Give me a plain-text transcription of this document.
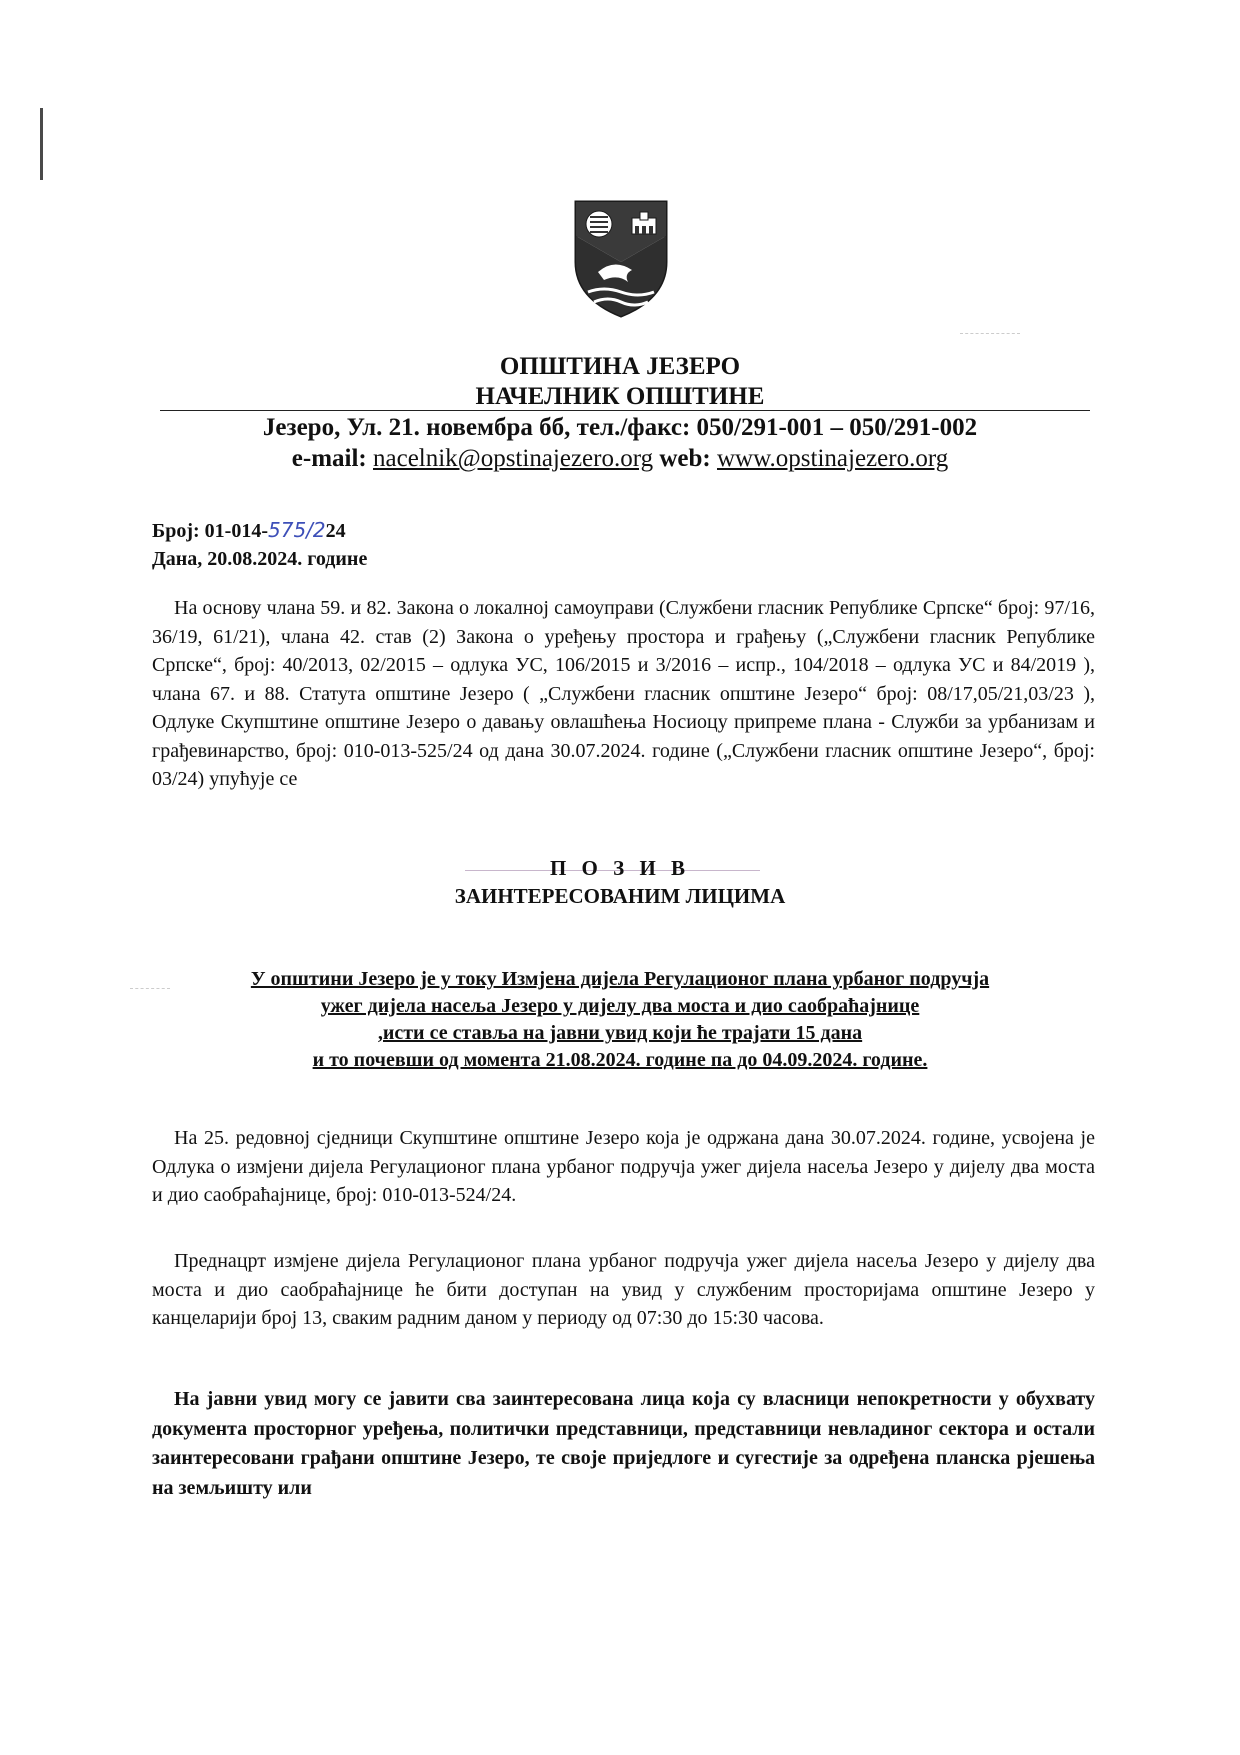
ОПШТИНА ЈЕЗЕРО
НАЧЕЛНИК ОПШТИНЕ
Језеро, Ул. 21. новембра бб, тел./факс: 050/291-001 – 050/291-002
e-mail: nacelnik@opstinajezero.org web: www.opstinajezero.org
Број: 01-014-575/224
Дана, 20.08.2024. године
На основу члана 59. и 82. Закона о локалној самоуправи (Службени гласник Републике Српске“ број: 97/16, 36/19, 61/21), члана 42. став (2) Закона о уређењу простора и грађењу („Службени гласник Републике Српске“, број: 40/2013, 02/2015 – одлука УС, 106/2015 и 3/2016 – испр., 104/2018 – одлука УС и 84/2019 ), члана 67. и 88. Статута општине Језеро ( „Службени гласник општине Језеро“ број: 08/17,05/21,03/23 ), Одлуке Скупштине општине Језеро о давању овлашћења Носиоцу припреме плана - Служби за урбанизам и грађевинарство, број: 010-013-525/24 од дана 30.07.2024. године („Службени гласник општине Језеро“, број: 03/24) упућује се
П О З И В
ЗАИНТЕРЕСОВАНИМ ЛИЦИМА
У општини Језеро је у току Измјена дијела Регулационог плана урбаног подручја
ужег дијела насеља Језеро у дијелу два моста и дио саобраћајнице
,исти се ставља на јавни увид који ће трајати 15 дана
и то почевши од момента 21.08.2024. године па до 04.09.2024. године.
На 25. редовној сједници Скупштине општине Језеро која је одржана дана 30.07.2024. године, усвојена је Одлука о измјени дијела Регулационог плана урбаног подручја ужег дијела насеља Језеро у дијелу два моста и дио саобраћајнице, број: 010-013-524/24.
Преднацрт измјене дијела Регулационог плана урбаног подручја ужег дијела насеља Језеро у дијелу два моста и дио саобраћајнице ће бити доступан на увид у службеним просторијама општине Језеро у канцеларији број 13, сваким радним даном у периоду од 07:30 до 15:30 часова.
На јавни увид могу се јавити сва заинтересована лица која су власници непокретности у обухвату документа просторног уређења, политички представници, представници невладиног сектора и остали заинтересовани грађани општине Језеро, те своје приједлоге и сугестије за одређена планска рјешења на земљишту или
